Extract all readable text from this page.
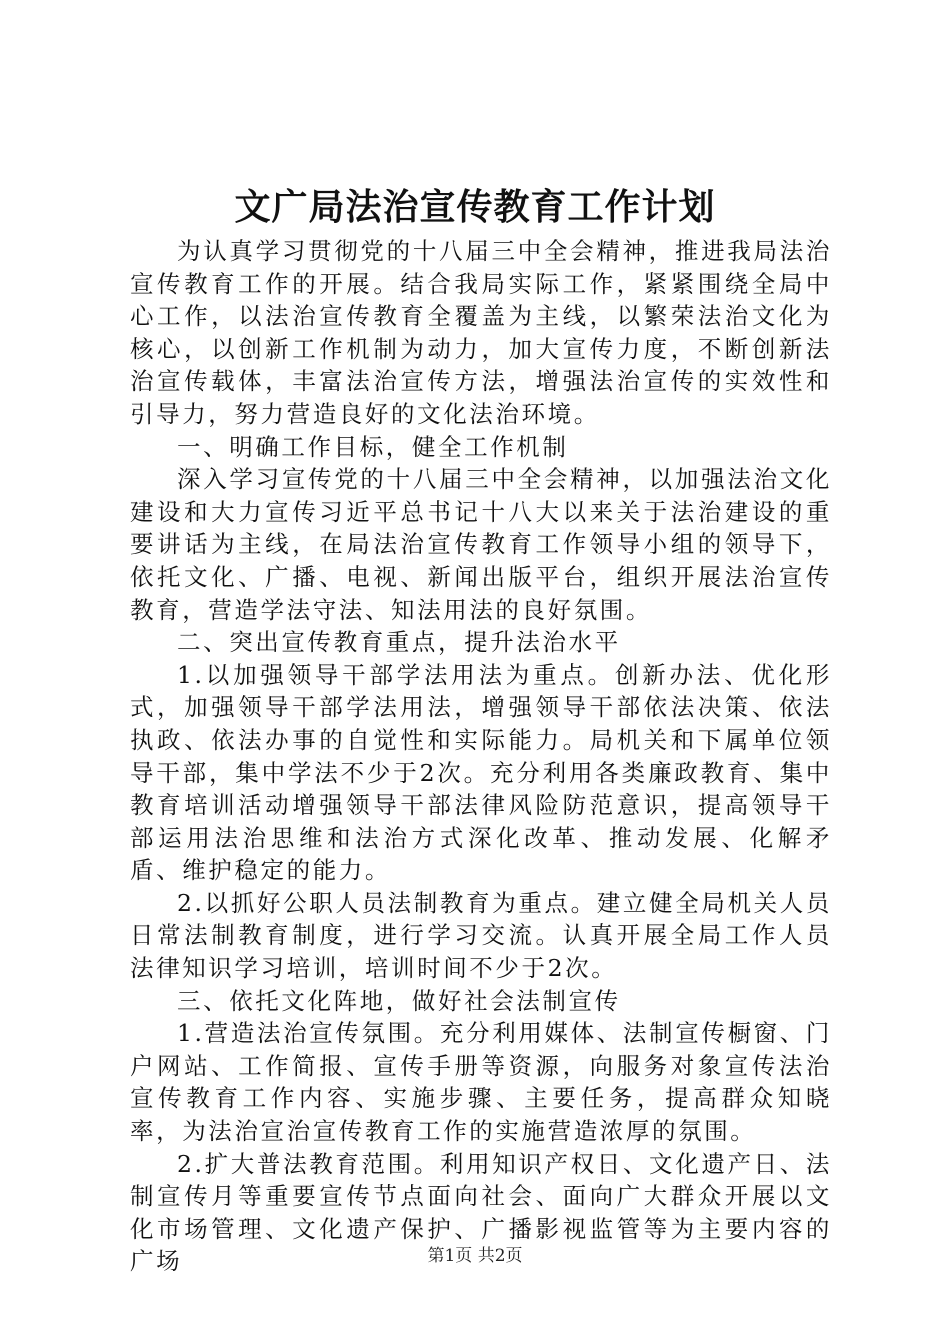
文广局法治宣传教育工作计划

为认真学习贯彻党的十八届三中全会精神，推进我局法治宣传教育工作的开展。结合我局实际工作，紧紧围绕全局中心工作，以法治宣传教育全覆盖为主线，以繁荣法治文化为核心，以创新工作机制为动力，加大宣传力度，不断创新法治宣传载体，丰富法治宣传方法，增强法治宣传的实效性和引导力，努力营造良好的文化法治环境。

一、明确工作目标，健全工作机制

深入学习宣传党的十八届三中全会精神，以加强法治文化建设和大力宣传习近平总书记十八大以来关于法治建设的重要讲话为主线，在局法治宣传教育工作领导小组的领导下，依托文化、广播、电视、新闻出版平台，组织开展法治宣传教育，营造学法守法、知法用法的良好氛围。

二、突出宣传教育重点，提升法治水平

1.以加强领导干部学法用法为重点。创新办法、优化形式，加强领导干部学法用法，增强领导干部依法决策、依法执政、依法办事的自觉性和实际能力。局机关和下属单位领导干部，集中学法不少于2次。充分利用各类廉政教育、集中教育培训活动增强领导干部法律风险防范意识，提高领导干部运用法治思维和法治方式深化改革、推动发展、化解矛盾、维护稳定的能力。

2.以抓好公职人员法制教育为重点。建立健全局机关人员日常法制教育制度，进行学习交流。认真开展全局工作人员法律知识学习培训，培训时间不少于2次。

三、依托文化阵地，做好社会法制宣传

1.营造法治宣传氛围。充分利用媒体、法制宣传橱窗、门户网站、工作简报、宣传手册等资源，向服务对象宣传法治宣传教育工作内容、实施步骤、主要任务，提高群众知晓率，为法治宣治宣传教育工作的实施营造浓厚的氛围。

2.扩大普法教育范围。利用知识产权日、文化遗产日、法制宣传月等重要宣传节点面向社会、面向广大群众开展以文化市场管理、文化遗产保护、广播影视监管等为主要内容的广场	第1页 共2页
